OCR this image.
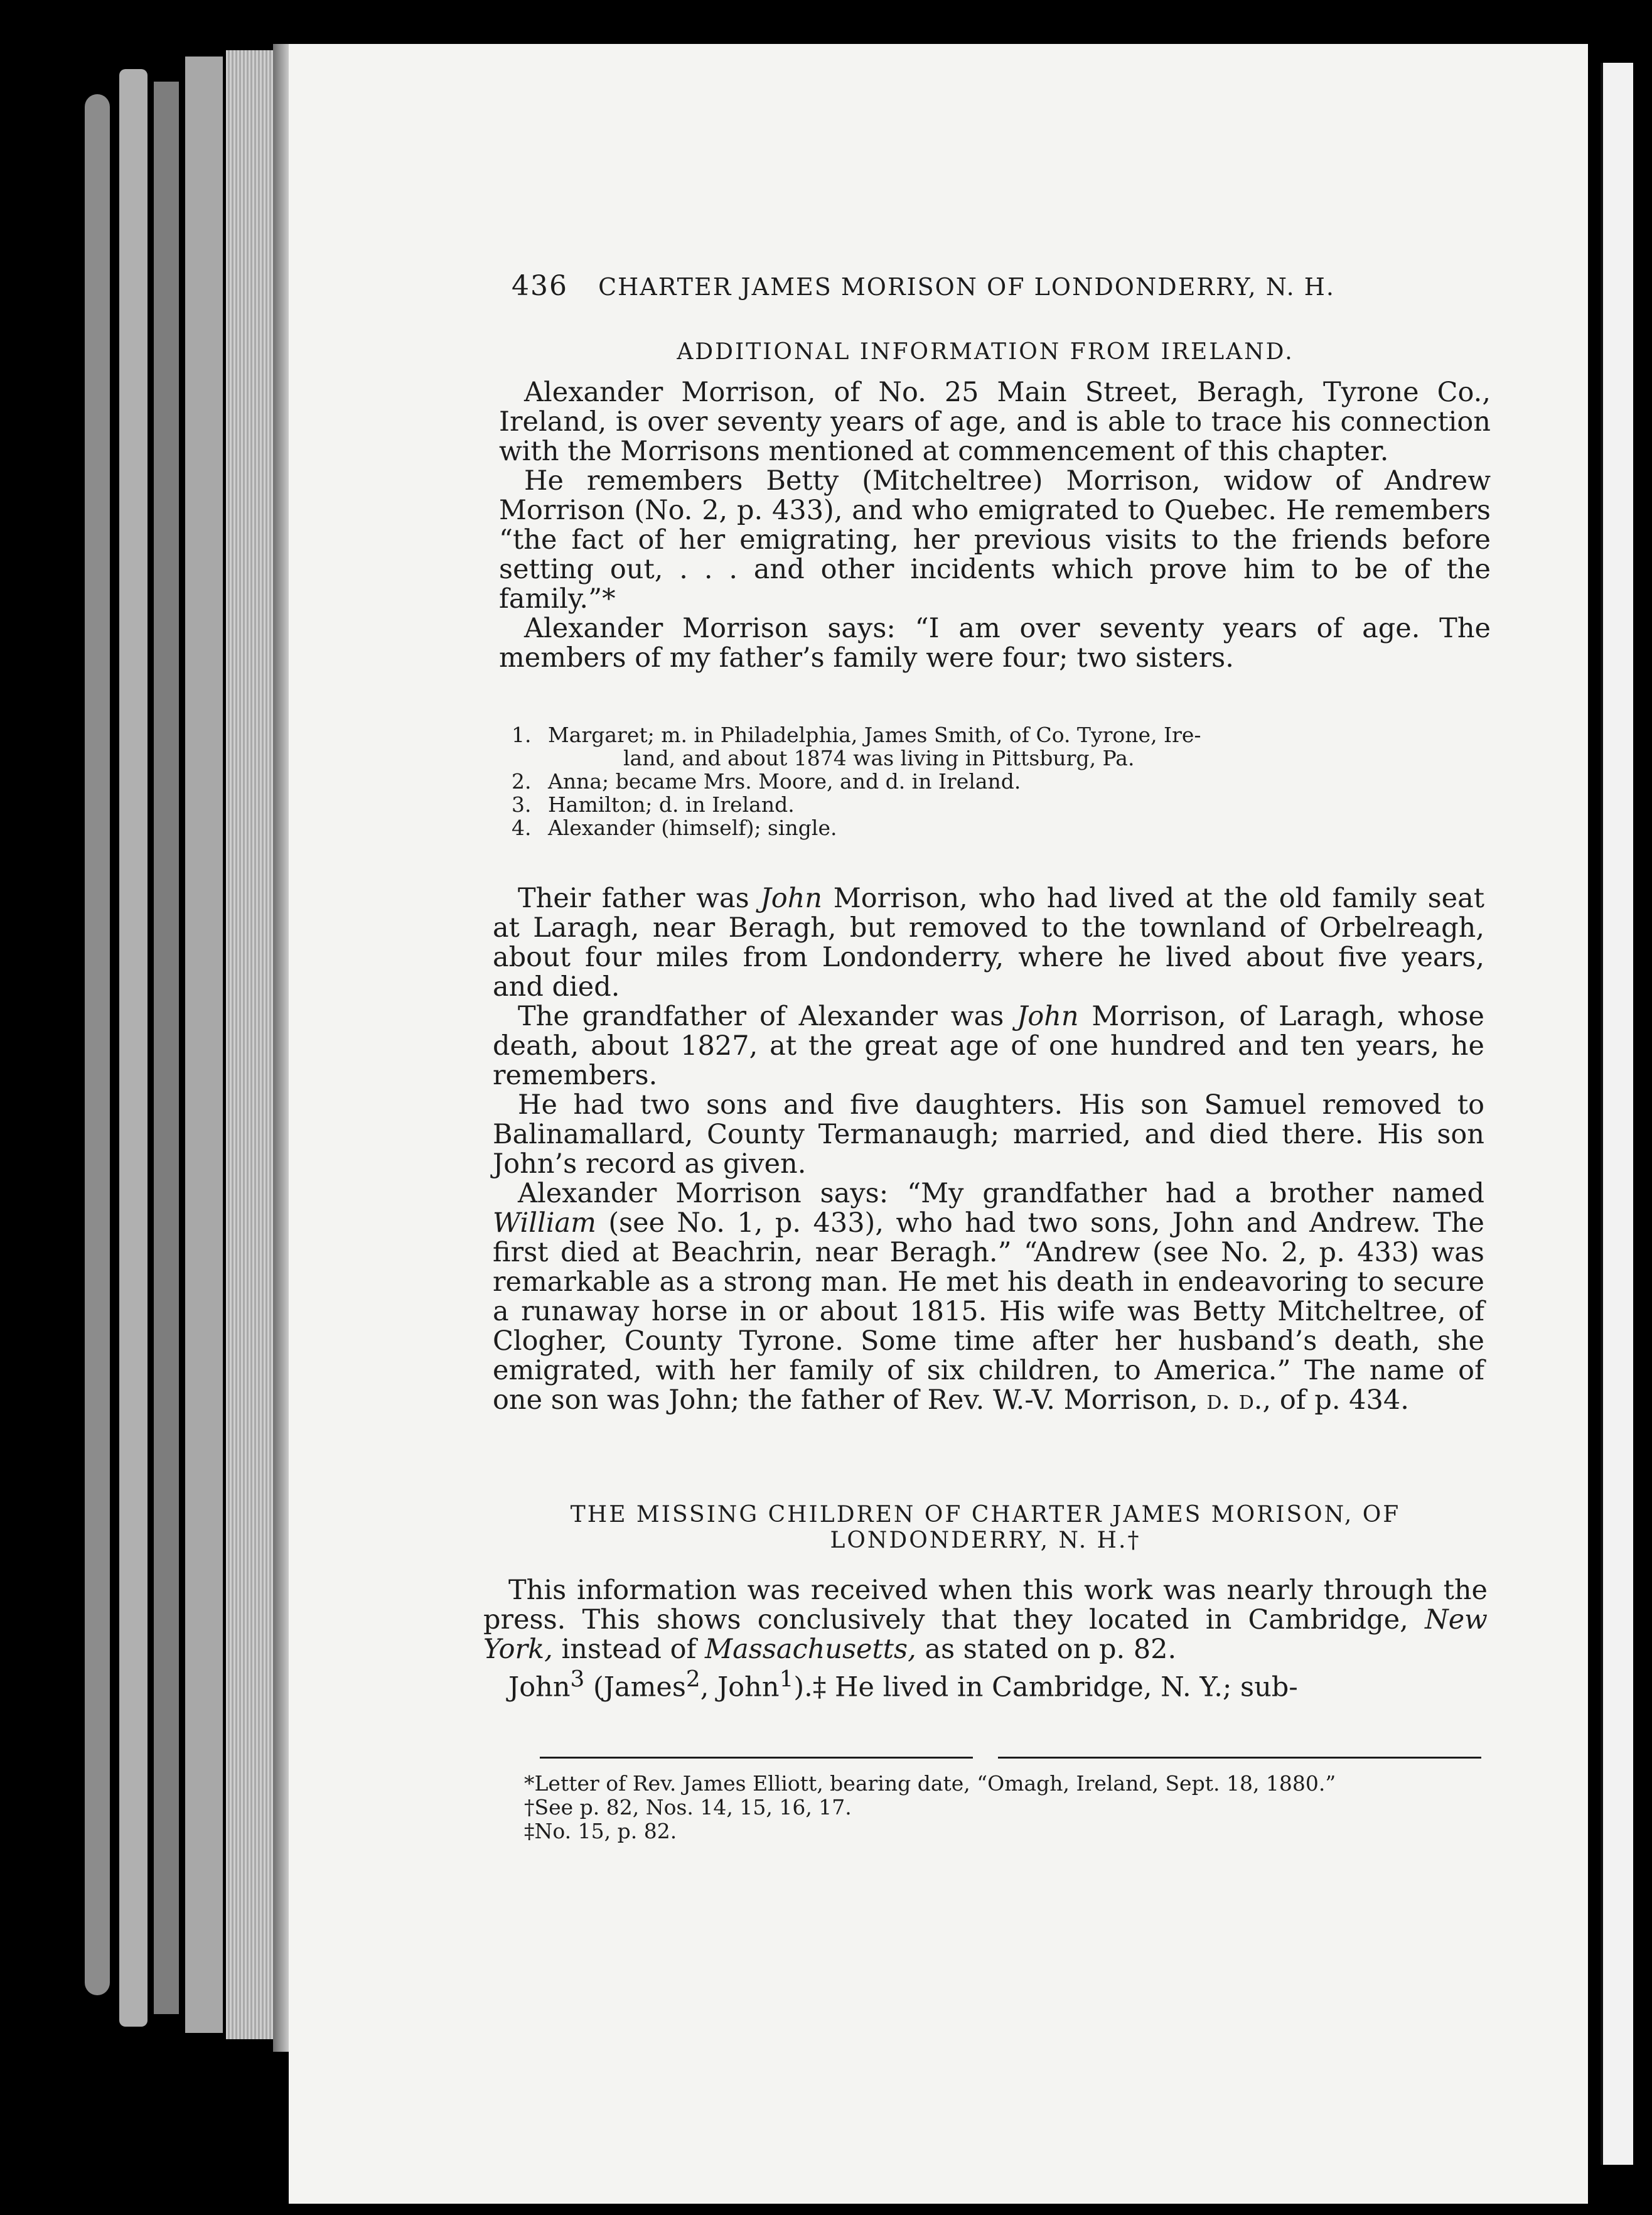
436 CHARTER JAMES MORISON OF LONDONDERRY, N. H.
ADDITIONAL INFORMATION FROM IRELAND.

Alexander Morrison, of No. 25 Main Street, Beragh, Tyrone Co., Ireland, is over seventy years of age, and is able to trace his connection with the Morrisons mentioned at commencement of this chapter.

He remembers Betty (Mitcheltree) Morrison, widow of Andrew Morrison (No. 2, p. 433), and who emigrated to Quebec. He remembers “the fact of her emigrating, her previous visits to the friends before setting out, . . . and other incidents which prove him to be of the family.”*

Alexander Morrison says: “I am over seventy years of age. The members of my father’s family were four; two sisters.

1. Margaret; m. in Philadelphia, James Smith, of Co. Tyrone, Ire-
land, and about 1874 was living in Pittsburg, Pa.
2. Anna; became Mrs. Moore, and d. in Ireland.
3. Hamilton; d. in Ireland.
4. Alexander (himself); single.

Their father was John Morrison, who had lived at the old family seat at Laragh, near Beragh, but removed to the townland of Orbelreagh, about four miles from Londonderry, where he lived about five years, and died.

The grandfather of Alexander was John Morrison, of Laragh, whose death, about 1827, at the great age of one hundred and ten years, he remembers.

He had two sons and five daughters. His son Samuel removed to Balinamallard, County Termanaugh; married, and died there. His son John’s record as given.

Alexander Morrison says: “My grandfather had a brother named William (see No. 1, p. 433), who had two sons, John and Andrew. The first died at Beachrin, near Beragh.” “Andrew (see No. 2, p. 433) was remarkable as a strong man. He met his death in endeavoring to secure a runaway horse in or about 1815. His wife was Betty Mitcheltree, of Clogher, County Tyrone. Some time after her husband’s death, she emigrated, with her family of six children, to America.” The name of one son was John; the father of Rev. W.-V. Morrison, d. d., of p. 434.

THE MISSING CHILDREN OF CHARTER JAMES MORISON, OF
LONDONDERRY, N. H.†

This information was received when this work was nearly through the press. This shows conclusively that they located in Cambridge, New York, instead of Massachusetts, as stated on p. 82.

John$^3$ (James$^2$, John$^1$).‡ He lived in Cambridge, N. Y.; sub-

*Letter of Rev. James Elliott, bearing date, “Omagh, Ireland, Sept. 18, 1880.”
†See p. 82, Nos. 14, 15, 16, 17.
‡No. 15, p. 82.
